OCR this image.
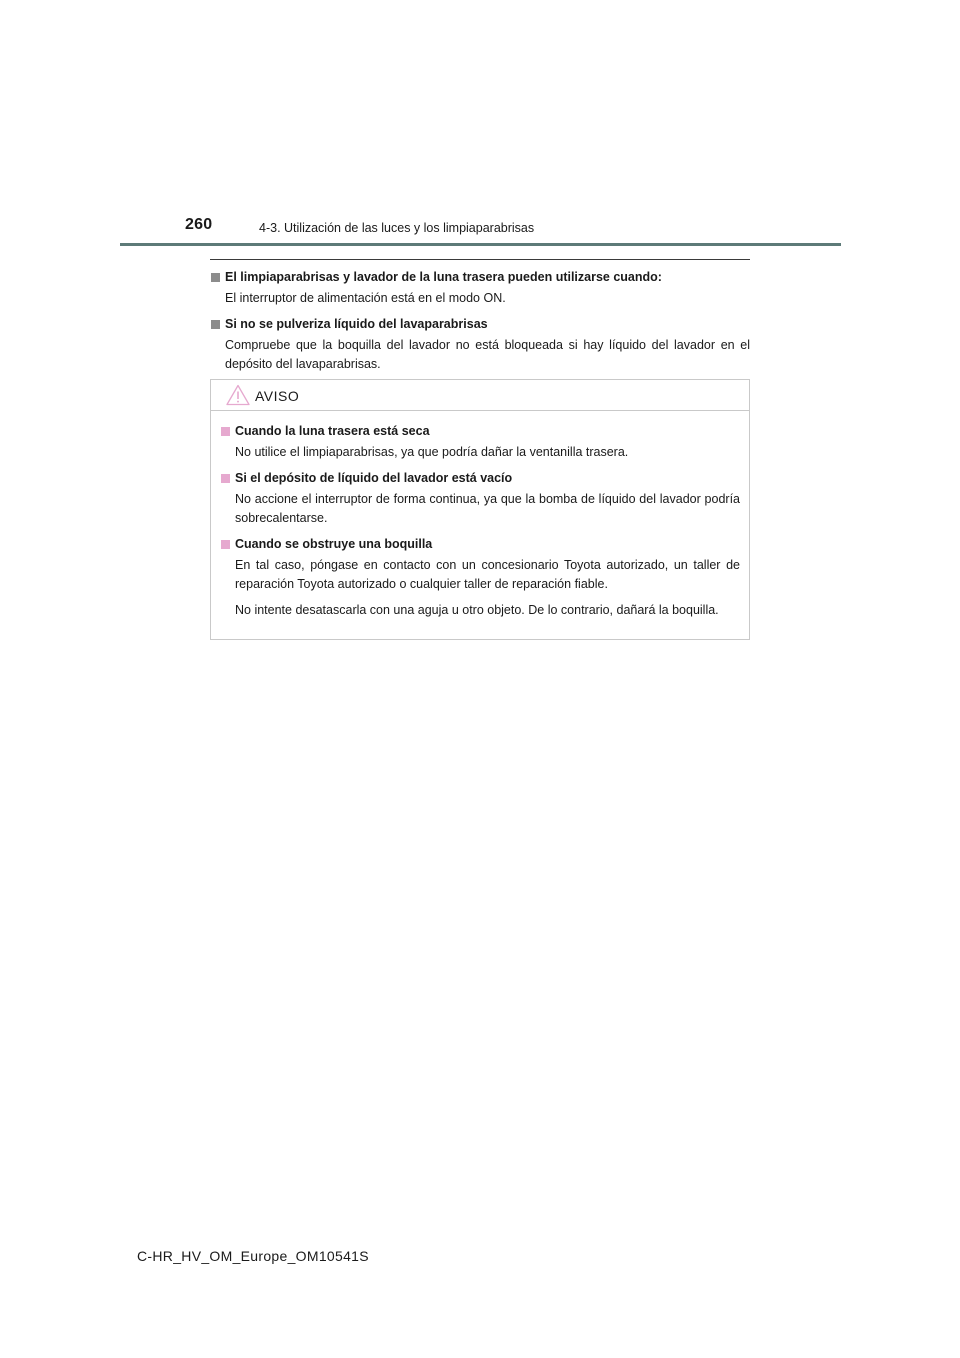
260	4-3. Utilización de las luces y los limpiaparabrisas
El limpiaparabrisas y lavador de la luna trasera pueden utilizarse cuando:
El interruptor de alimentación está en el modo ON.
Si no se pulveriza líquido del lavaparabrisas
Compruebe que la boquilla del lavador no está bloqueada si hay líquido del lavador en el depósito del lavaparabrisas.
AVISO
Cuando la luna trasera está seca
No utilice el limpiaparabrisas, ya que podría dañar la ventanilla trasera.
Si el depósito de líquido del lavador está vacío
No accione el interruptor de forma continua, ya que la bomba de líquido del lavador podría sobrecalentarse.
Cuando se obstruye una boquilla
En tal caso, póngase en contacto con un concesionario Toyota autorizado, un taller de reparación Toyota autorizado o cualquier taller de reparación fiable.
No intente desatascarla con una aguja u otro objeto. De lo contrario, dañará la boquilla.
C-HR_HV_OM_Europe_OM10541S
